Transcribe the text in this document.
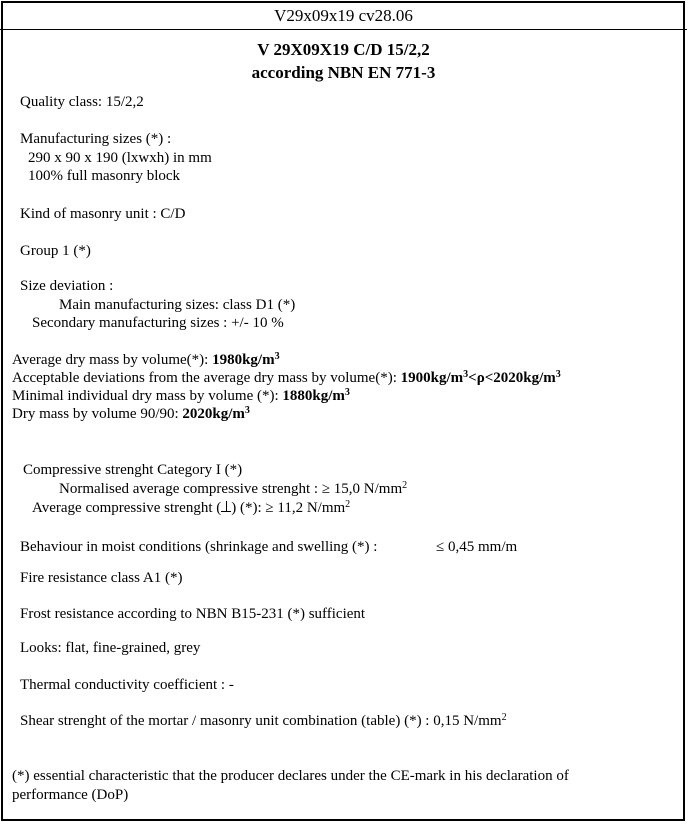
V29x09x19 cv28.06
V 29X09X19 C/D 15/2,2
according NBN EN 771-3
Quality class: 15/2,2
Manufacturing sizes (*) :
290 x 90 x 190 (lxwxh) in mm
100% full masonry block
Kind of masonry unit : C/D
Group 1 (*)
Size deviation :
Main manufacturing sizes: class D1 (*)
Secondary manufacturing sizes : +/- 10 %
Average dry mass by volume(*): $1980kg/m^3$
Acceptable deviations from the average dry mass by volume(*): $1900kg/m^3<\rho<2020kg/m^3$
Minimal individual dry mass by volume (*): $1880kg/m^3$
Dry mass by volume 90/90: $2020kg/m^3$
Compressive strenght Category I (*)
Normalised average compressive strenght : ≥ 15,0 $N/mm^2$
Average compressive strenght ( ) (*): ≥ 11,2 $N/mm^2$
Behaviour in moist conditions (shrinkage and swelling (*) :	≤ 0,45 mm/m
Fire resistance class A1 (*)
Frost resistance according to NBN B15-231 (*) sufficient
Looks: flat, fine-grained, grey
Thermal conductivity coefficient : -
Shear strenght of the mortar / masonry unit combination (table) (*) : 0,15 $N/mm^2$
(*) essential characteristic that the producer declares under the CE-mark in his declaration of
performance (DoP)
